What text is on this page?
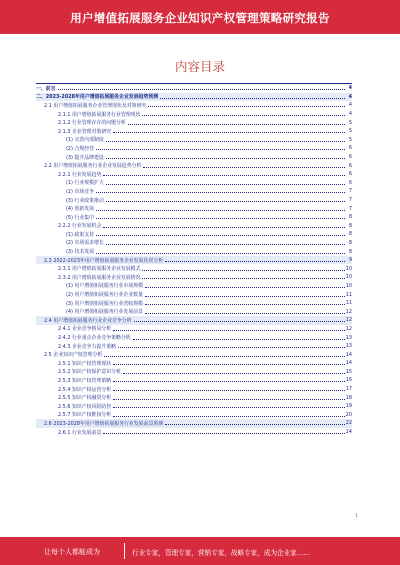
用户增值拓展服务企业知识产权管理策略研究报告
内容目录
一、前言	4
二、2023-2028年用户增值拓展服务企业发展趋势预测	4
2.1 用户增值拓展服务企业管理现状及对策研究	4
2.1.1 用户增值拓展服务行业管理现状	4
2.1.2 行业管理存在的问题分析	5
2.1.3 企业管理对策研究	5
(1) 完善内部制度	5
(2) 合规经营	6
(3) 提升品牌建设	6
2.2 用户增值拓展服务行业企业发展趋势分析	6
2.2.1 行业发展趋势	6
(1) 行业规模扩大	6
(2) 市场竞争	7
(3) 行业政策推动	7
(4) 创新发展	7
(5) 行业集中	8
2.2.2 行业发展机会	8
(1) 政策支持	8
(2) 市场需求增长	8
(3) 技术发展	8
2.3 2022-2023年用户增值拓展服务企业发展状况分析	9
2.3.1 用户增值拓展服务企业发展模式	10
2.3.2 用户增值拓展服务企业发展情况	10
(1) 用户增值拓展服务行业市场规模	10
(2) 用户增值拓展服务行业企业数量	11
(3) 用户增值拓展服务行业营收规模	11
(4) 用户增值拓展服务行业发展前景	12
2.4 用户增值拓展服务行业企业竞争分析	12
2.4.1 企业竞争格局分析	12
2.4.2 行业重点企业竞争策略分析	13
2.4.3 企业竞争力提升策略	13
2.5 企业知识产权管理分析	14
2.5.1 知识产权管理现状	14
2.5.2 知识产权保护意识分析	15
2.5.3 知识产权管理策略	16
2.5.4 知识产权运营分析	17
2.5.5 知识产权融资分析	18
2.5.6 知识产权风险防控	19
2.5.7 知识产权维权分析	20
2.6 2023-2028年用户增值拓展服务行业发展前景预测	22
2.6.1 行业发展前景	24
1
让每个人都能成为	行业专家，管理专家，营销专家，战略专家，成为企业家……
